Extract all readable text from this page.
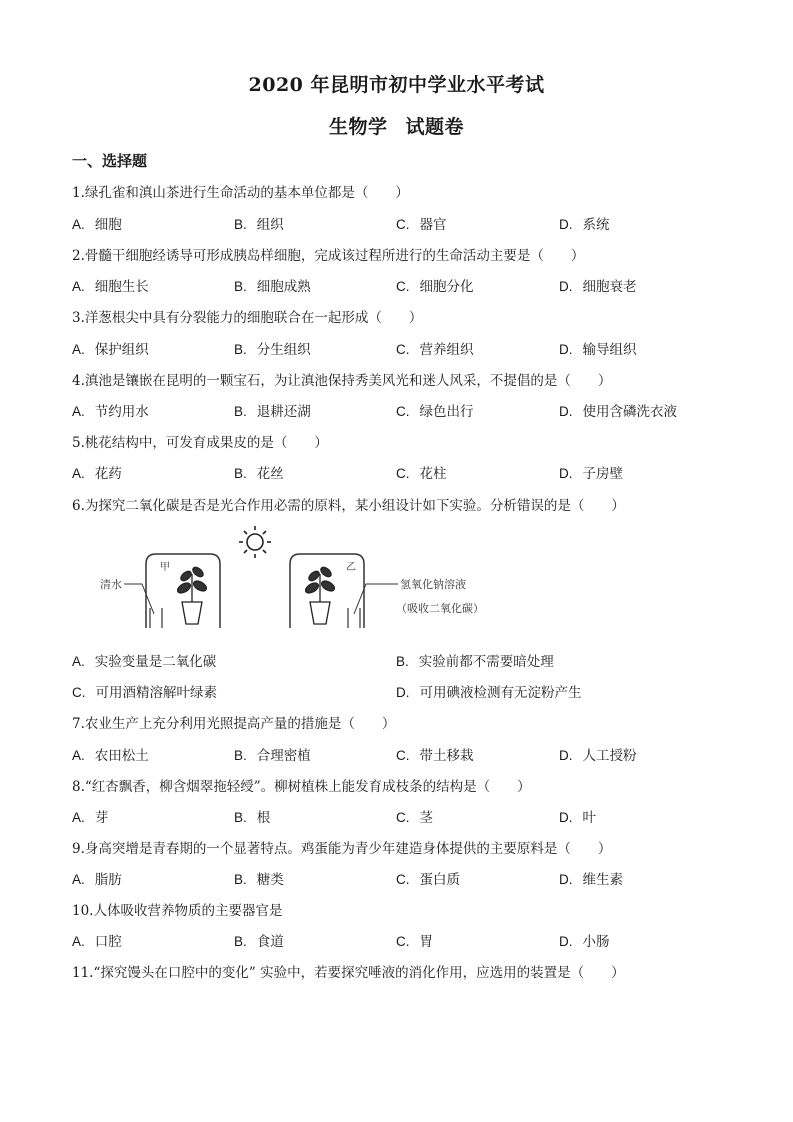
2020 年昆明市初中学业水平考试
生物学 试题卷
一、选择题
1.绿孔雀和滇山茶进行生命活动的基本单位都是（　　）
A. 细胞	B. 组织	C. 器官	D. 系统
2.骨髓干细胞经诱导可形成胰岛样细胞，完成该过程所进行的生命活动主要是（　　）
A. 细胞生长	B. 细胞成熟	C. 细胞分化	D. 细胞衰老
3.洋葱根尖中具有分裂能力的细胞联合在一起形成（　　）
A. 保护组织	B. 分生组织	C. 营养组织	D. 输导组织
4.滇池是镶嵌在昆明的一颗宝石，为让滇池保持秀美风光和迷人风采，不提倡的是（　　）
A. 节约用水	B. 退耕还湖	C. 绿色出行	D. 使用含磷洗衣液
5.桃花结构中，可发育成果皮的是（　　）
A. 花药	B. 花丝	C. 花柱	D. 子房壁
6.为探究二氧化碳是否是光合作用必需的原料，某小组设计如下实验。分析错误的是（　　）
清水
甲	乙
氢氧化钠溶液
（吸收二氧化碳）
A. 实验变量是二氧化碳	B. 实验前都不需要暗处理
C. 可用酒精溶解叶绿素	D. 可用碘液检测有无淀粉产生
7.农业生产上充分利用光照提高产量的措施是（　　）
A. 农田松土	B. 合理密植	C. 带土移栽	D. 人工授粉
8.“红杏飘香，柳含烟翠拖轻绶”。柳树植株上能发育成枝条的结构是（　　）
A. 芽	B. 根	C. 茎	D. 叶
9.身高突增是青春期的一个显著特点。鸡蛋能为青少年建造身体提供的主要原料是（　　）
A. 脂肪	B. 糖类	C. 蛋白质	D. 维生素
10.人体吸收营养物质的主要器官是
A. 口腔	B. 食道	C. 胃	D. 小肠
11.“探究馒头在口腔中的变化” 实验中，若要探究唾液的消化作用，应选用的装置是（　　）
